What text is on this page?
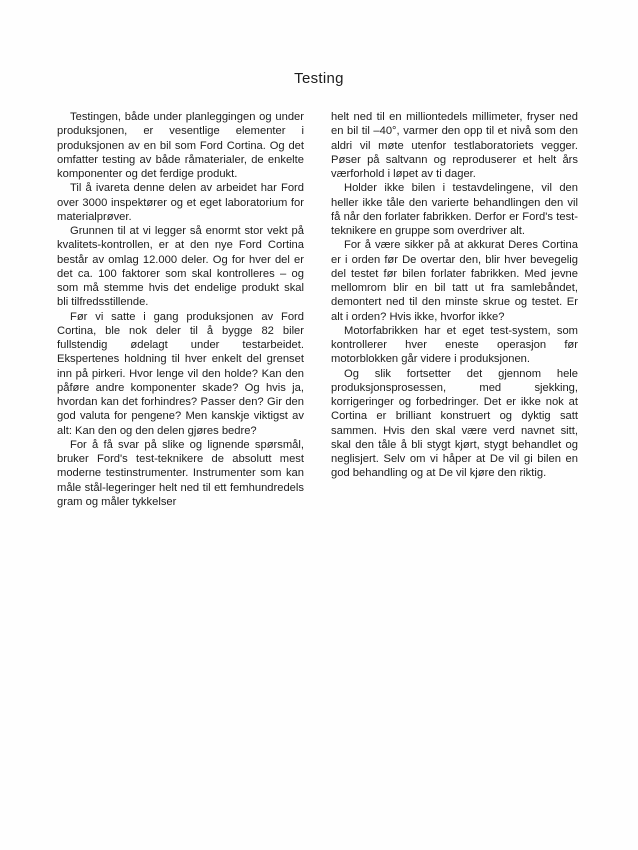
Testing

Testingen, både under planleggingen og under produksjonen, er vesentlige elementer i produksjonen av en bil som Ford Cortina. Og det omfatter testing av både råmaterialer, de enkelte komponenter og det ferdige produkt.

Til å ivareta denne delen av arbeidet har Ford over 3000 inspektører og et eget laboratorium for materialprøver.

Grunnen til at vi legger så enormt stor vekt på kvalitets-kontrollen, er at den nye Ford Cortina består av omlag 12.000 deler. Og for hver del er det ca. 100 faktorer som skal kontrolleres – og som må stemme hvis det endelige produkt skal bli tilfredsstillende.

Før vi satte i gang produksjonen av Ford Cortina, ble nok deler til å bygge 82 biler fullstendig ødelagt under testarbeidet. Ekspertenes holdning til hver enkelt del grenset inn på pirkeri. Hvor lenge vil den holde? Kan den påføre andre komponenter skade? Og hvis ja, hvordan kan det forhindres? Passer den? Gir den god valuta for pengene? Men kanskje viktigst av alt: Kan den og den delen gjøres bedre?

For å få svar på slike og lignende spørsmål, bruker Ford's test-teknikere de absolutt mest moderne testinstrumenter. Instrumenter som kan måle stål-legeringer helt ned til ett femhundredels gram og måler tykkelser

helt ned til en milliontedels millimeter, fryser ned en bil til –40°, varmer den opp til et nivå som den aldri vil møte utenfor testlaboratoriets vegger. Pøser på saltvann og reproduserer et helt års værforhold i løpet av ti dager.

Holder ikke bilen i testavdelingene, vil den heller ikke tåle den varierte behandlingen den vil få når den forlater fabrikken. Derfor er Ford's test-teknikere en gruppe som overdriver alt.

For å være sikker på at akkurat Deres Cortina er i orden før De overtar den, blir hver bevegelig del testet før bilen forlater fabrikken. Med jevne mellomrom blir en bil tatt ut fra samlebåndet, demontert ned til den minste skrue og testet. Er alt i orden? Hvis ikke, hvorfor ikke?

Motorfabrikken har et eget test-system, som kontrollerer hver eneste operasjon før motorblokken går videre i produksjonen.

Og slik fortsetter det gjennom hele produksjonsprosessen, med sjekking, korrigeringer og forbedringer. Det er ikke nok at Cortina er brilliant konstruert og dyktig satt sammen. Hvis den skal være verd navnet sitt, skal den tåle å bli stygt kjørt, stygt behandlet og neglisjert. Selv om vi håper at De vil gi bilen en god behandling og at De vil kjøre den riktig.
